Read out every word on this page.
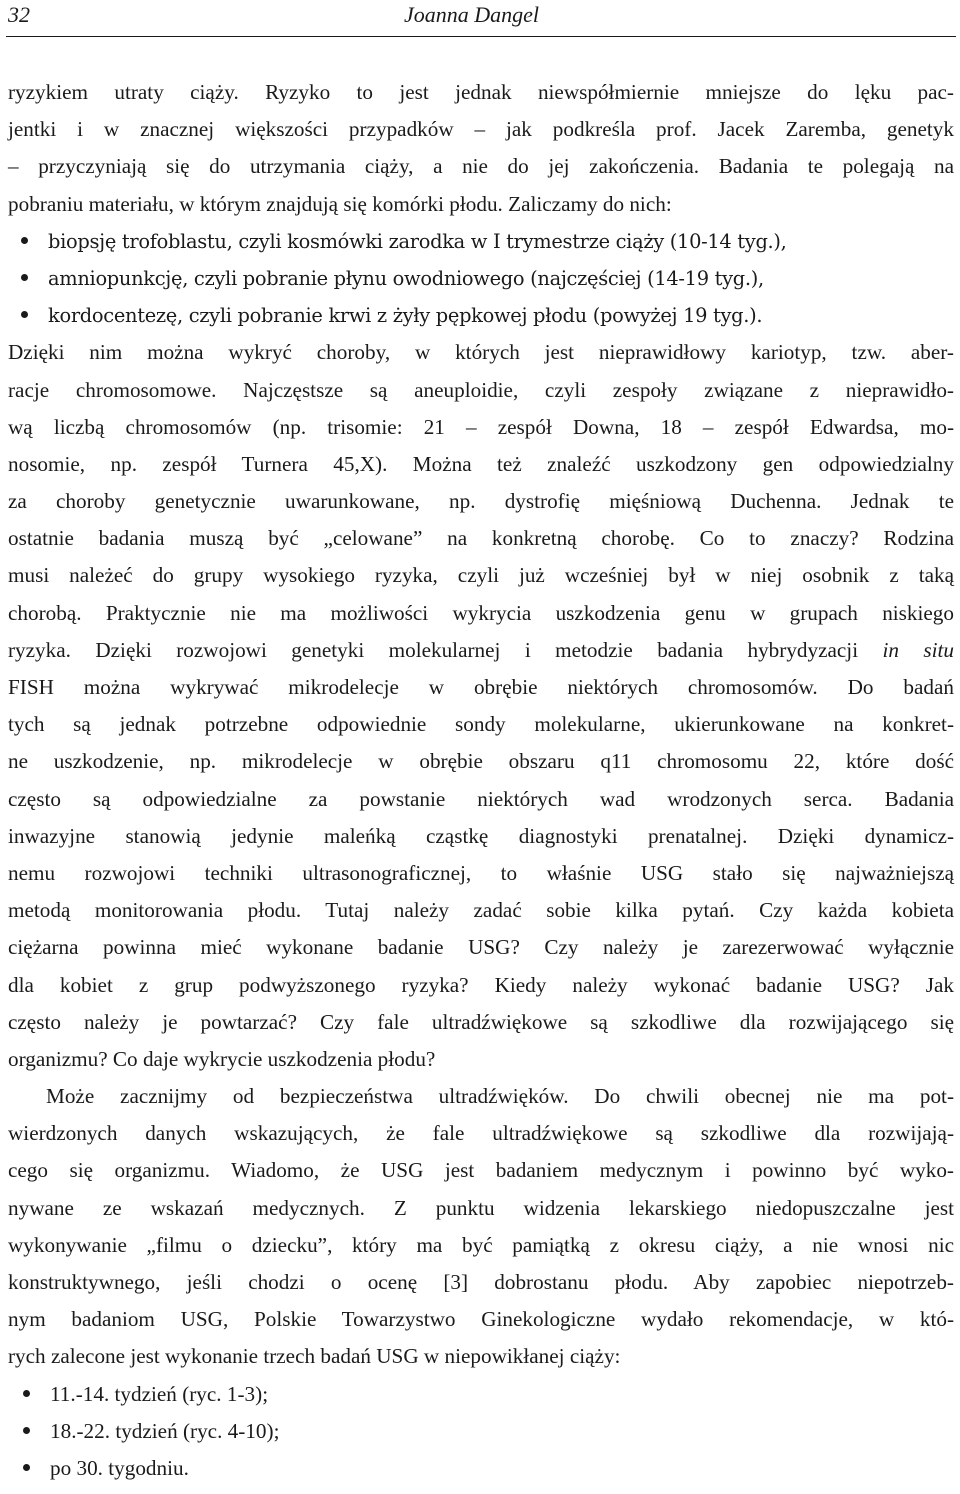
32	Joanna Dangel
ryzykiem utraty ciąży. Ryzyko to jest jednak niewspółmiernie mniejsze do lęku pac-
jentki i w znacznej większości przypadków – jak podkreśla prof. Jacek Zaremba, genetyk
– przyczyniają się do utrzymania ciąży, a nie do jej zakończenia. Badania te polegają na
pobraniu materiału, w którym znajdują się komórki płodu. Zaliczamy do nich:
biopsję trofoblastu, czyli kosmówki zarodka w I trymestrze ciąży (10-14 tyg.),
amniopunkcję, czyli pobranie płynu owodniowego (najczęściej (14-19 tyg.),
kordocentezę, czyli pobranie krwi z żyły pępkowej płodu (powyżej 19 tyg.).
Dzięki nim można wykryć choroby, w których jest nieprawidłowy kariotyp, tzw. aber-
racje chromosomowe. Najczęstsze są aneuploidie, czyli zespoły związane z nieprawidło-
wą liczbą chromosomów (np. trisomie: 21 – zespół Downa, 18 – zespół Edwardsa, mo-
nosomie, np. zespół Turnera 45,X). Można też znaleźć uszkodzony gen odpowiedzialny
za choroby genetycznie uwarunkowane, np. dystrofię mięśniową Duchenna. Jednak te
ostatnie badania muszą być „celowane” na konkretną chorobę. Co to znaczy? Rodzina
musi należeć do grupy wysokiego ryzyka, czyli już wcześniej był w niej osobnik z taką
chorobą. Praktycznie nie ma możliwości wykrycia uszkodzenia genu w grupach niskiego
ryzyka. Dzięki rozwojowi genetyki molekularnej i metodzie badania hybrydyzacji in situ
FISH można wykrywać mikrodelecje w obrębie niektórych chromosomów. Do badań
tych są jednak potrzebne odpowiednie sondy molekularne, ukierunkowane na konkret-
ne uszkodzenie, np. mikrodelecje w obrębie obszaru q11 chromosomu 22, które dość
często są odpowiedzialne za powstanie niektórych wad wrodzonych serca. Badania
inwazyjne stanowią jedynie maleńką cząstkę diagnostyki prenatalnej. Dzięki dynamicz-
nemu rozwojowi techniki ultrasonograficznej, to właśnie USG stało się najważniejszą
metodą monitorowania płodu. Tutaj należy zadać sobie kilka pytań. Czy każda kobieta
ciężarna powinna mieć wykonane badanie USG? Czy należy je zarezerwować wyłącznie
dla kobiet z grup podwyższonego ryzyka? Kiedy należy wykonać badanie USG? Jak
często należy je powtarzać? Czy fale ultradźwiękowe są szkodliwe dla rozwijającego się
organizmu? Co daje wykrycie uszkodzenia płodu?
Może zacznijmy od bezpieczeństwa ultradźwięków. Do chwili obecnej nie ma pot-
wierdzonych danych wskazujących, że fale ultradźwiękowe są szkodliwe dla rozwijają-
cego się organizmu. Wiadomo, że USG jest badaniem medycznym i powinno być wyko-
nywane ze wskazań medycznych. Z punktu widzenia lekarskiego niedopuszczalne jest
wykonywanie „filmu o dziecku”, który ma być pamiątką z okresu ciąży, a nie wnosi nic
konstruktywnego, jeśli chodzi o ocenę [3] dobrostanu płodu. Aby zapobiec niepotrzeb-
nym badaniom USG, Polskie Towarzystwo Ginekologiczne wydało rekomendacje, w któ-
rych zalecone jest wykonanie trzech badań USG w niepowikłanej ciąży:
11.-14. tydzień (ryc. 1-3);
18.-22. tydzień (ryc. 4-10);
po 30. tygodniu.
